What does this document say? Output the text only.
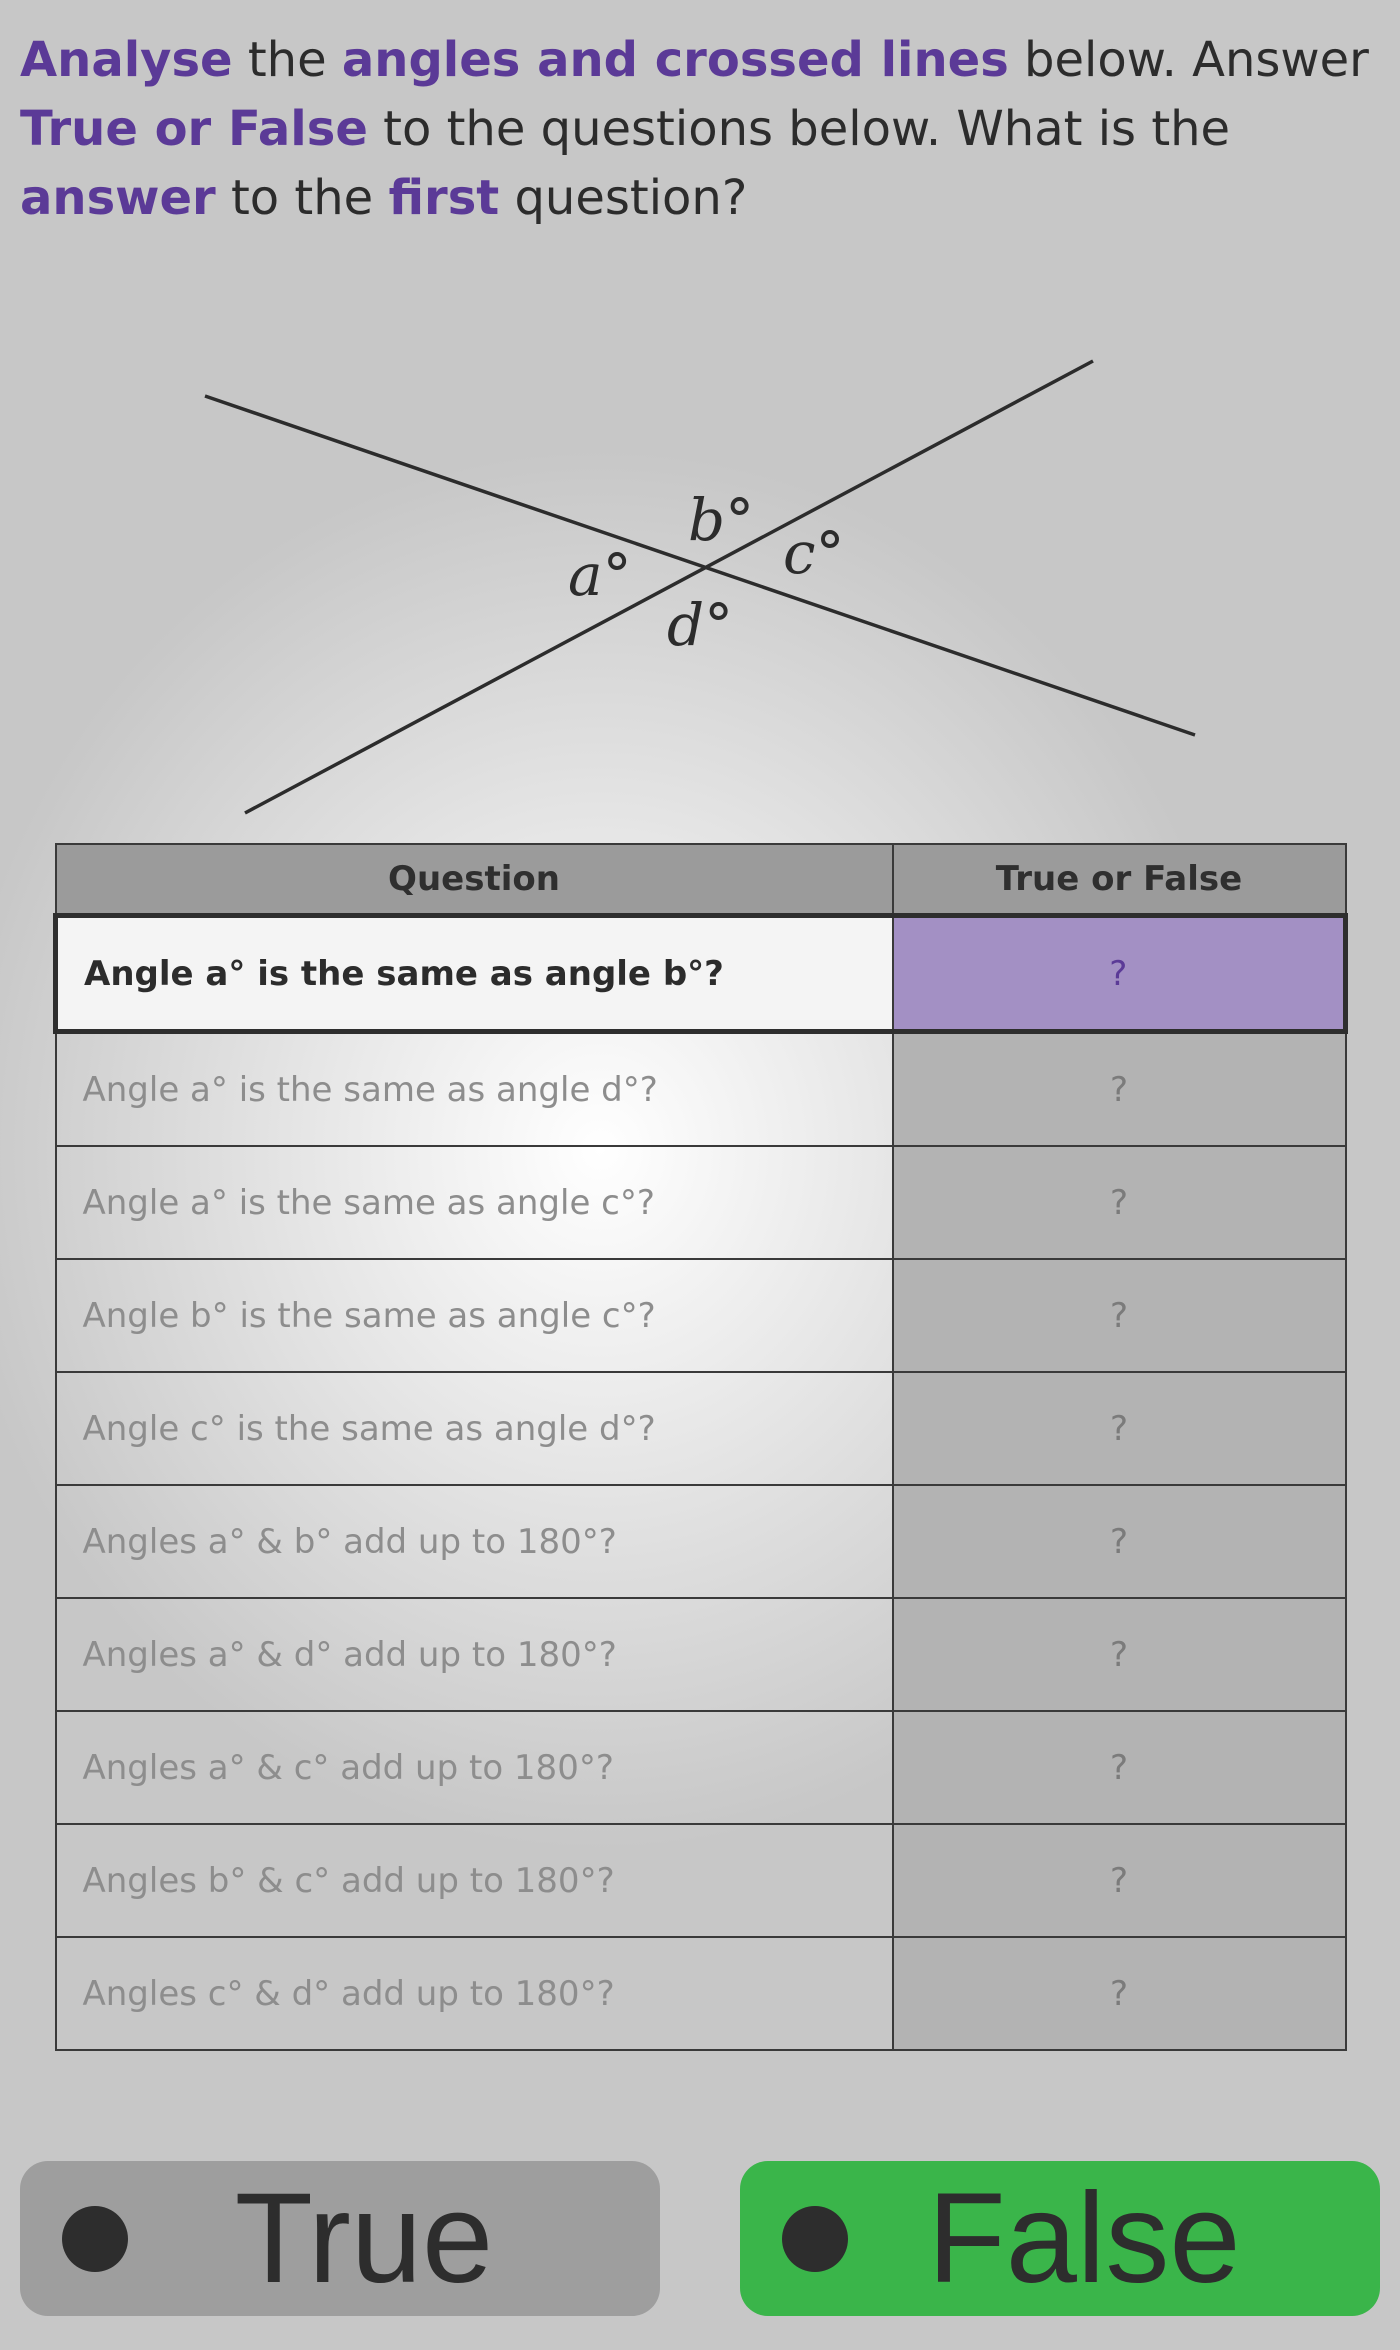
Analyse the angles and crossed lines below. Answer True or False to the questions below. What is the answer to the first question?
a°
b° c°
d°
Question	True or False
Angle a° is the same as angle b°?	?
Angle a° is the same as angle d°?	?
Angle a° is the same as angle c°?	?
Angle b° is the same as angle c°?	?
Angle c° is the same as angle d°?	?
Angles a° & b° add up to 180°?	?
Angles a° & d° add up to 180°?	?
Angles a° & c° add up to 180°?	?
Angles b° & c° add up to 180°?	?
Angles c° & d° add up to 180°?	?
True	False
